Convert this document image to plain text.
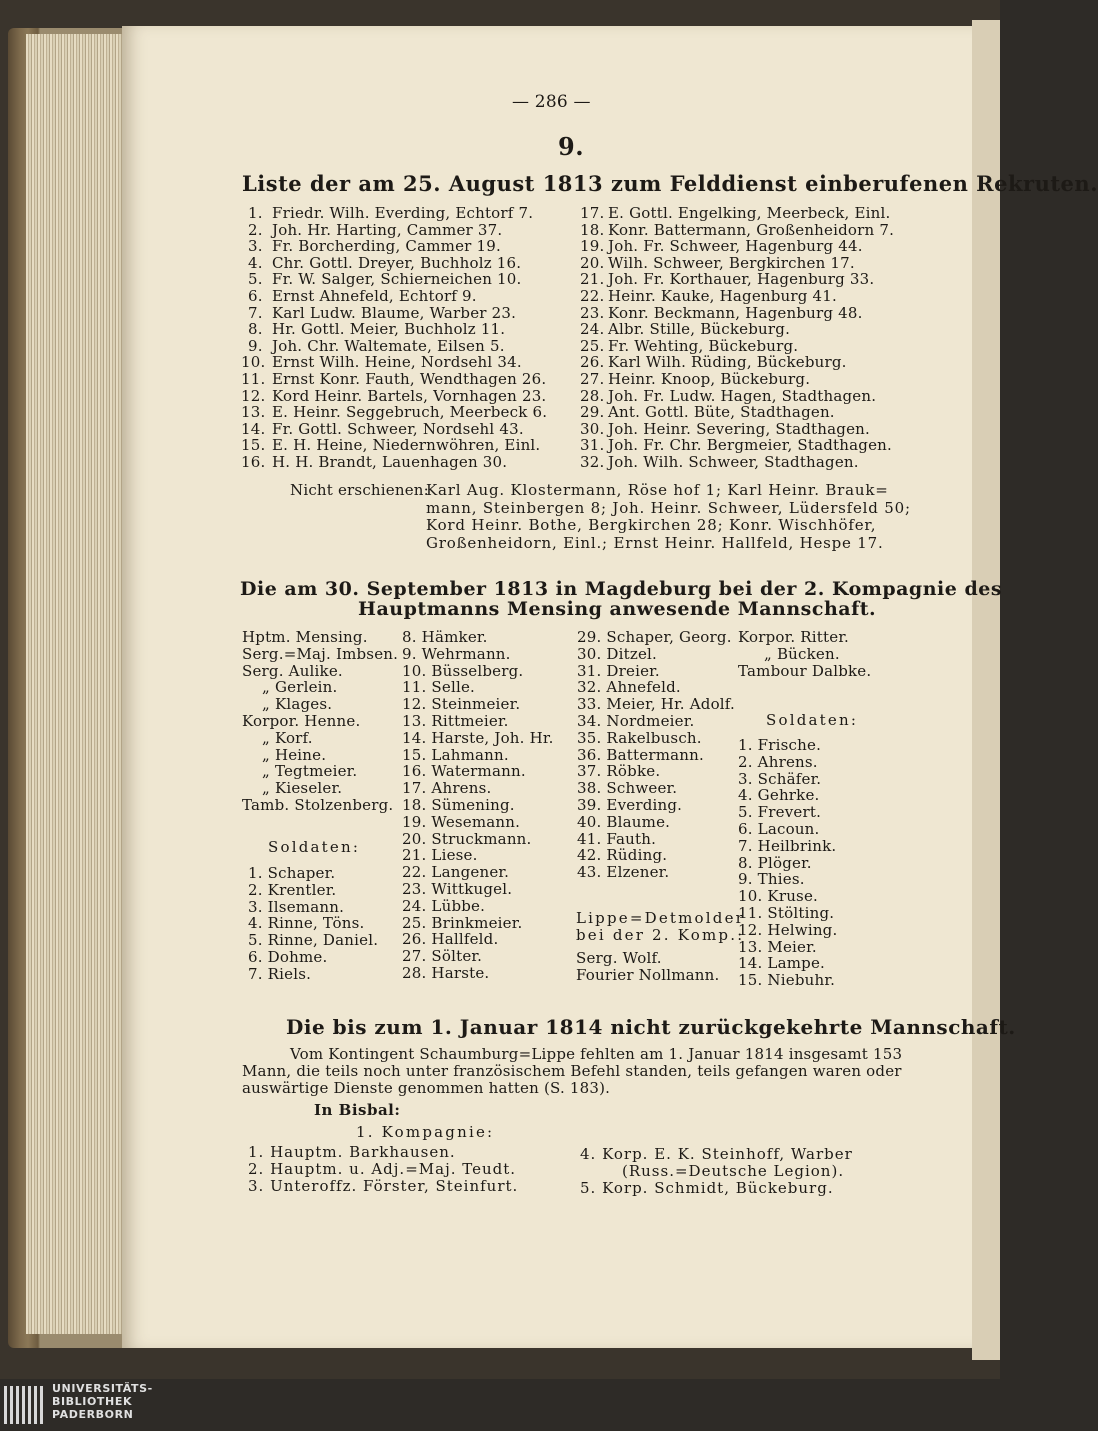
— 286 —
9.
Liste der am 25. August 1813 zum Felddienst einberufenen Rekruten.
1. Friedr. Wilh. Everding, Echtorf 7.
2. Joh. Hr. Harting, Cammer 37.
3. Fr. Borcherding, Cammer 19.
4. Chr. Gottl. Dreyer, Buchholz 16.
5. Fr. W. Salger, Schierneichen 10.
6. Ernst Ahnefeld, Echtorf 9.
7. Karl Ludw. Blaume, Warber 23.
8. Hr. Gottl. Meier, Buchholz 11.
9. Joh. Chr. Waltemate, Eilsen 5.
10. Ernst Wilh. Heine, Nordsehl 34.
11. Ernst Konr. Fauth, Wendthagen 26.
12. Kord Heinr. Bartels, Vornhagen 23.
13. E. Heinr. Seggebruch, Meerbeck 6.
14. Fr. Gottl. Schweer, Nordsehl 43.
15. E. H. Heine, Niedernwöhren, Einl.
16. H. H. Brandt, Lauenhagen 30.
17. E. Gottl. Engelking, Meerbeck, Einl.
18. Konr. Battermann, Großenheidorn 7.
19. Joh. Fr. Schweer, Hagenburg 44.
20. Wilh. Schweer, Bergkirchen 17.
21. Joh. Fr. Korthauer, Hagenburg 33.
22. Heinr. Kauke, Hagenburg 41.
23. Konr. Beckmann, Hagenburg 48.
24. Albr. Stille, Bückeburg.
25. Fr. Wehting, Bückeburg.
26. Karl Wilh. Rüding, Bückeburg.
27. Heinr. Knoop, Bückeburg.
28. Joh. Fr. Ludw. Hagen, Stadthagen.
29. Ant. Gottl. Büte, Stadthagen.
30. Joh. Heinr. Severing, Stadthagen.
31. Joh. Fr. Chr. Bergmeier, Stadthagen.
32. Joh. Wilh. Schweer, Stadthagen.
Nicht erschienen:
Karl Aug. Klostermann, Röse hof 1; Karl Heinr. Brauk=
mann, Steinbergen 8; Joh. Heinr. Schweer, Lüdersfeld 50;
Kord Heinr. Bothe, Bergkirchen 28; Konr. Wischhöfer,
Großenheidorn, Einl.; Ernst Heinr. Hallfeld, Hespe 17.
Die am 30. September 1813 in Magdeburg bei der 2. Kompagnie des
Hauptmanns Mensing anwesende Mannschaft.
Hptm. Mensing.
Serg.=Maj. Imbsen.
Serg. Aulike.
„ Gerlein.
„ Klages.
Korpor. Henne.
„ Korf.
„ Heine.
„ Tegtmeier.
„ Kieseler.
Tamb. Stolzenberg.
Soldaten:
1. Schaper.
2. Krentler.
3. Ilsemann.
4. Rinne, Töns.
5. Rinne, Daniel.
6. Dohme.
7. Riels.
8. Hämker.
9. Wehrmann.
10. Büsselberg.
11. Selle.
12. Steinmeier.
13. Rittmeier.
14. Harste, Joh. Hr.
15. Lahmann.
16. Watermann.
17. Ahrens.
18. Sümening.
19. Wesemann.
20. Struckmann.
21. Liese.
22. Langener.
23. Wittkugel.
24. Lübbe.
25. Brinkmeier.
26. Hallfeld.
27. Sölter.
28. Harste.
29. Schaper, Georg.
30. Ditzel.
31. Dreier.
32. Ahnefeld.
33. Meier, Hr. Adolf.
34. Nordmeier.
35. Rakelbusch.
36. Battermann.
37. Röbke.
38. Schweer.
39. Everding.
40. Blaume.
41. Fauth.
42. Rüding.
43. Elzener.
Lippe=Detmolder
bei der 2. Komp.:
Serg. Wolf.
Fourier Nollmann.
Korpor. Ritter.
„ Bücken.
Tambour Dalbke.
Soldaten:
1. Frische.
2. Ahrens.
3. Schäfer.
4. Gehrke.
5. Frevert.
6. Lacoun.
7. Heilbrink.
8. Plöger.
9. Thies.
10. Kruse.
11. Stölting.
12. Helwing.
13. Meier.
14. Lampe.
15. Niebuhr.
Die bis zum 1. Januar 1814 nicht zurückgekehrte Mannschaft.
Vom Kontingent Schaumburg=Lippe fehlten am 1. Januar 1814 insgesamt 153
Mann, die teils noch unter französischem Befehl standen, teils gefangen waren oder
auswärtige Dienste genommen hatten (S. 183).
In Bisbal:
1. Kompagnie:
1. Hauptm. Barkhausen.
2. Hauptm. u. Adj.=Maj. Teudt.
3. Unteroffz. Förster, Steinfurt.
4. Korp. E. K. Steinhoff, Warber
(Russ.=Deutsche Legion).
5. Korp. Schmidt, Bückeburg.
UNIVERSITÄTS-
BIBLIOTHEK
PADERBORN
